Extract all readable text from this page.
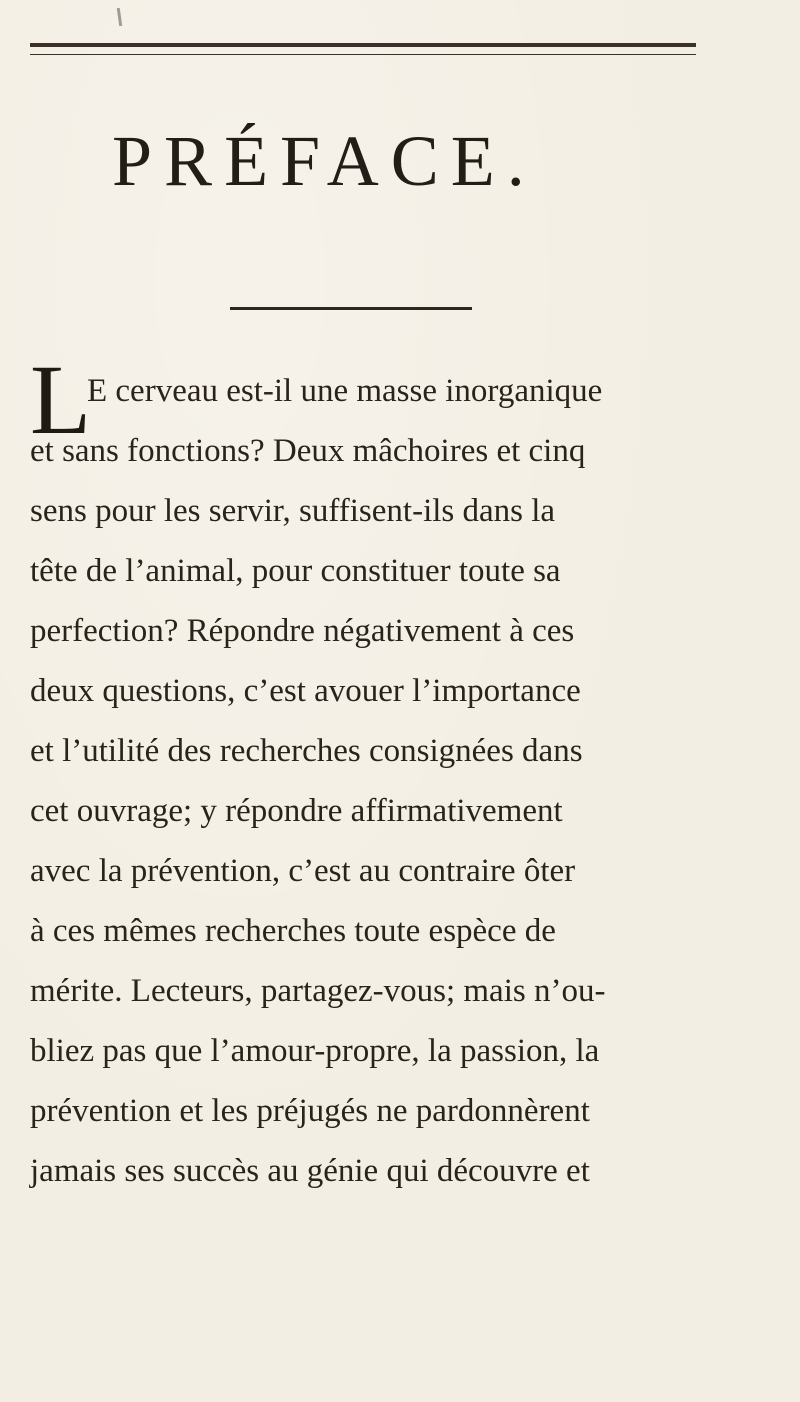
PRÉFACE.
L
E cerveau est-il une masse inorganique
et sans fonctions? Deux mâchoires et cinq
sens pour les servir, suffisent-ils dans la
tête de l’animal, pour constituer toute sa
perfection? Répondre négativement à ces
deux questions, c’est avouer l’importance
et l’utilité des recherches consignées dans
cet ouvrage; y répondre affirmativement
avec la prévention, c’est au contraire ôter
à ces mêmes recherches toute espèce de
mérite. Lecteurs, partagez-vous; mais n’ou-
bliez pas que l’amour-propre, la passion, la
prévention et les préjugés ne pardonnèrent
jamais ses succès au génie qui découvre et
